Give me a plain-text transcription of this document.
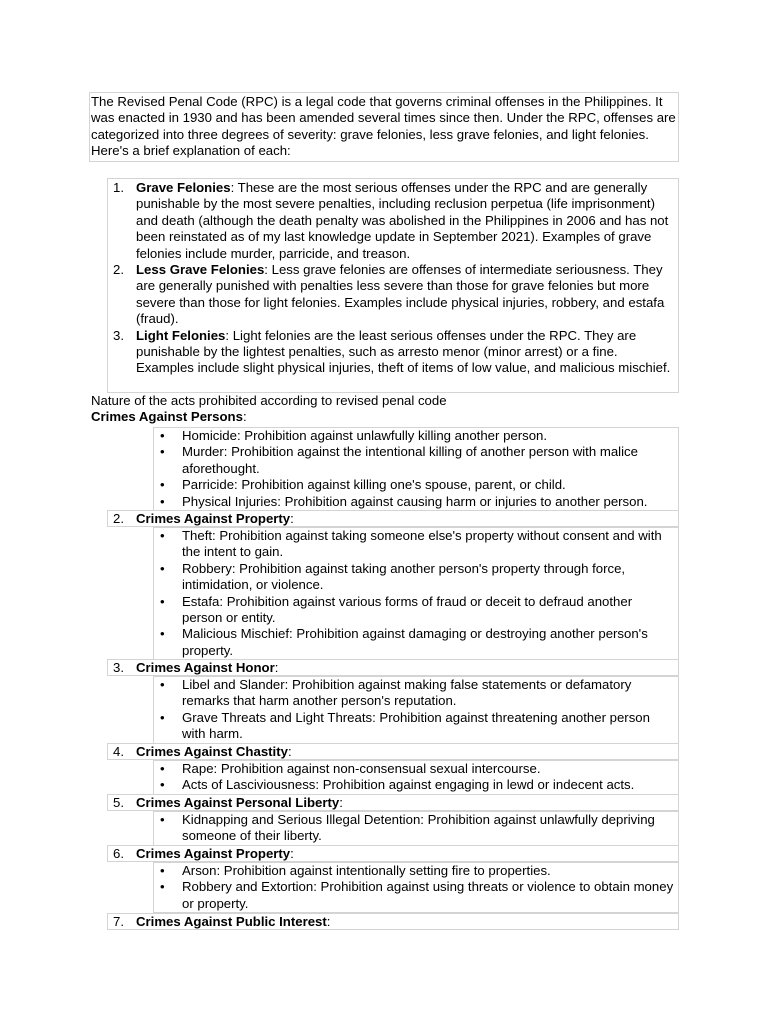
The Revised Penal Code (RPC) is a legal code that governs criminal offenses in the Philippines. It was enacted in 1930 and has been amended several times since then. Under the RPC, offenses are categorized into three degrees of severity: grave felonies, less grave felonies, and light felonies. Here's a brief explanation of each:
1. Grave Felonies: These are the most serious offenses under the RPC and are generally punishable by the most severe penalties, including reclusion perpetua (life imprisonment) and death (although the death penalty was abolished in the Philippines in 2006 and has not been reinstated as of my last knowledge update in September 2021). Examples of grave felonies include murder, parricide, and treason.
2. Less Grave Felonies: Less grave felonies are offenses of intermediate seriousness. They are generally punished with penalties less severe than those for grave felonies but more severe than those for light felonies. Examples include physical injuries, robbery, and estafa (fraud).
3. Light Felonies: Light felonies are the least serious offenses under the RPC. They are punishable by the lightest penalties, such as arresto menor (minor arrest) or a fine. Examples include slight physical injuries, theft of items of low value, and malicious mischief.
Nature of the acts prohibited according to revised penal code
Crimes Against Persons:
• Homicide: Prohibition against unlawfully killing another person.
• Murder: Prohibition against the intentional killing of another person with malice aforethought.
• Parricide: Prohibition against killing one's spouse, parent, or child.
• Physical Injuries: Prohibition against causing harm or injuries to another person.
2. Crimes Against Property:
• Theft: Prohibition against taking someone else's property without consent and with the intent to gain.
• Robbery: Prohibition against taking another person's property through force, intimidation, or violence.
• Estafa: Prohibition against various forms of fraud or deceit to defraud another person or entity.
• Malicious Mischief: Prohibition against damaging or destroying another person's property.
3. Crimes Against Honor:
• Libel and Slander: Prohibition against making false statements or defamatory remarks that harm another person's reputation.
• Grave Threats and Light Threats: Prohibition against threatening another person with harm.
4. Crimes Against Chastity:
• Rape: Prohibition against non-consensual sexual intercourse.
• Acts of Lasciviousness: Prohibition against engaging in lewd or indecent acts.
5. Crimes Against Personal Liberty:
• Kidnapping and Serious Illegal Detention: Prohibition against unlawfully depriving someone of their liberty.
6. Crimes Against Property:
• Arson: Prohibition against intentionally setting fire to properties.
• Robbery and Extortion: Prohibition against using threats or violence to obtain money or property.
7. Crimes Against Public Interest:
